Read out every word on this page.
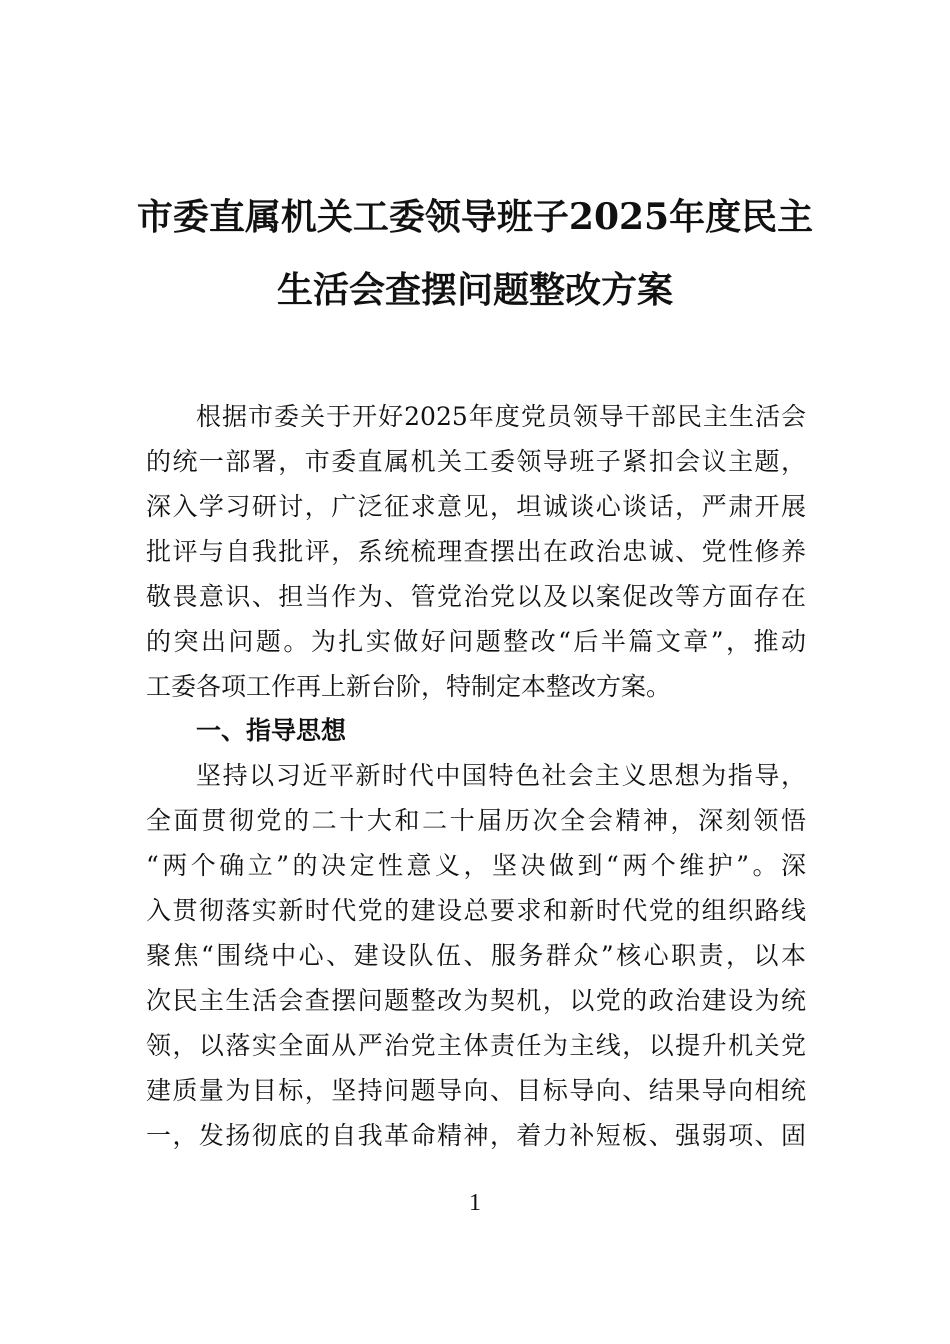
市委直属机关工委领导班子2025年度民主
生活会查摆问题整改方案
根据市委关于开好2025年度党员领导干部民主生活会
的统一部署，市委直属机关工委领导班子紧扣会议主题，
深入学习研讨，广泛征求意见，坦诚谈心谈话，严肃开展
批评与自我批评，系统梳理查摆出在政治忠诚、党性修养
敬畏意识、担当作为、管党治党以及以案促改等方面存在
的突出问题。为扎实做好问题整改“后半篇文章”，推动
工委各项工作再上新台阶，特制定本整改方案。
一、指导思想
坚持以习近平新时代中国特色社会主义思想为指导，
全面贯彻党的二十大和二十届历次全会精神，深刻领悟
“两个确立”的决定性意义，坚决做到“两个维护”。深
入贯彻落实新时代党的建设总要求和新时代党的组织路线
聚焦“围绕中心、建设队伍、服务群众”核心职责，以本
次民主生活会查摆问题整改为契机，以党的政治建设为统
领，以落实全面从严治党主体责任为主线，以提升机关党
建质量为目标，坚持问题导向、目标导向、结果导向相统
一，发扬彻底的自我革命精神，着力补短板、强弱项、固
1
